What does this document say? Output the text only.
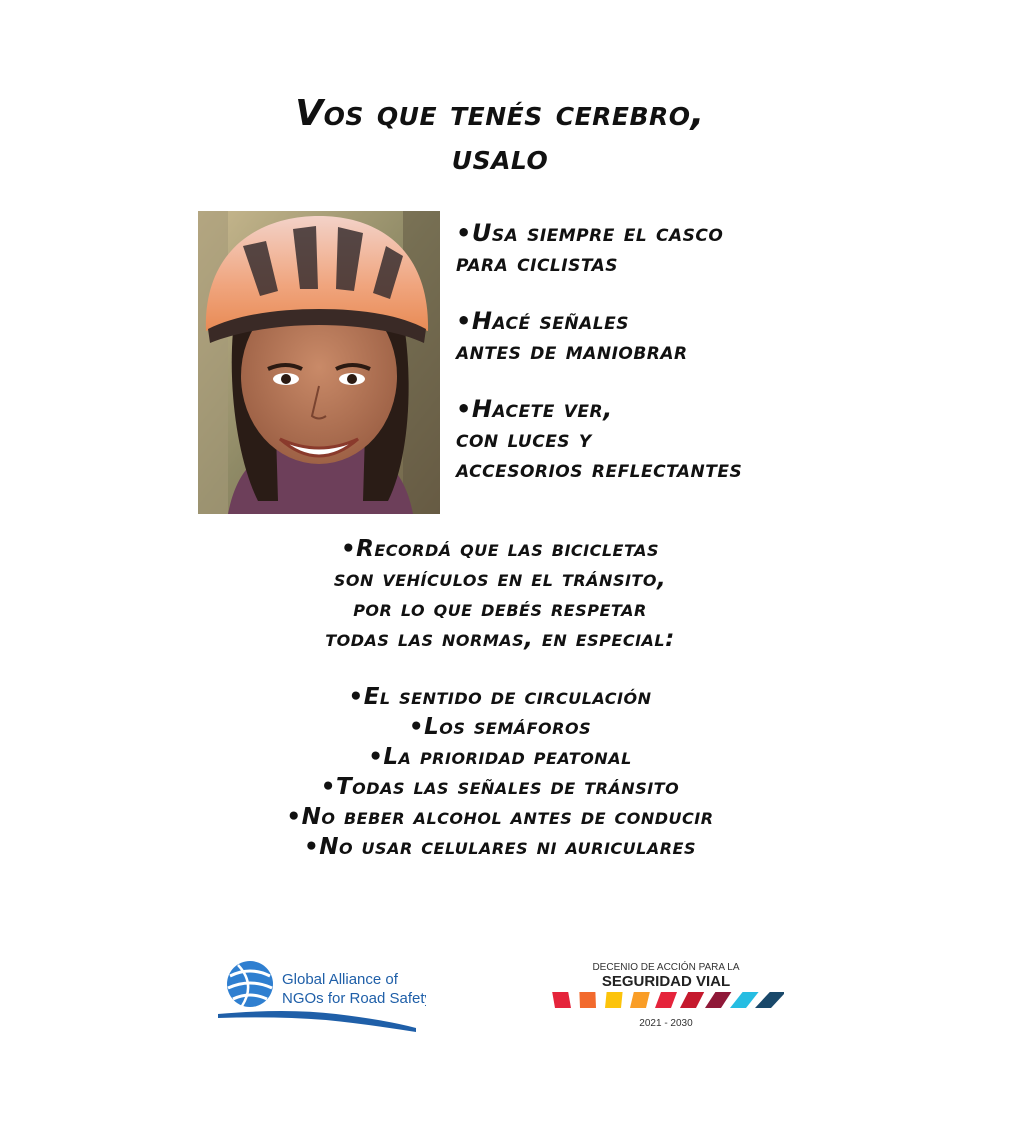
Vos que tenés cerebro,
usalo
•Usa siempre el casco
para ciclistas
•Hacé señales
antes de maniobrar
•Hacete ver,
con luces y
accesorios reflectantes
•Recordá que las bicicletas
son vehículos en el tránsito,
por lo que debés respetar
todas las normas, en especial:
•El sentido de circulación
•Los semáforos
•La prioridad peatonal
•Todas las señales de tránsito
•No beber alcohol antes de conducir
•No usar celulares ni auriculares
Global Alliance of
NGOs for Road Safety
DECENIO DE ACCIÓN PARA LA
SEGURIDAD VIAL
2021 - 2030
